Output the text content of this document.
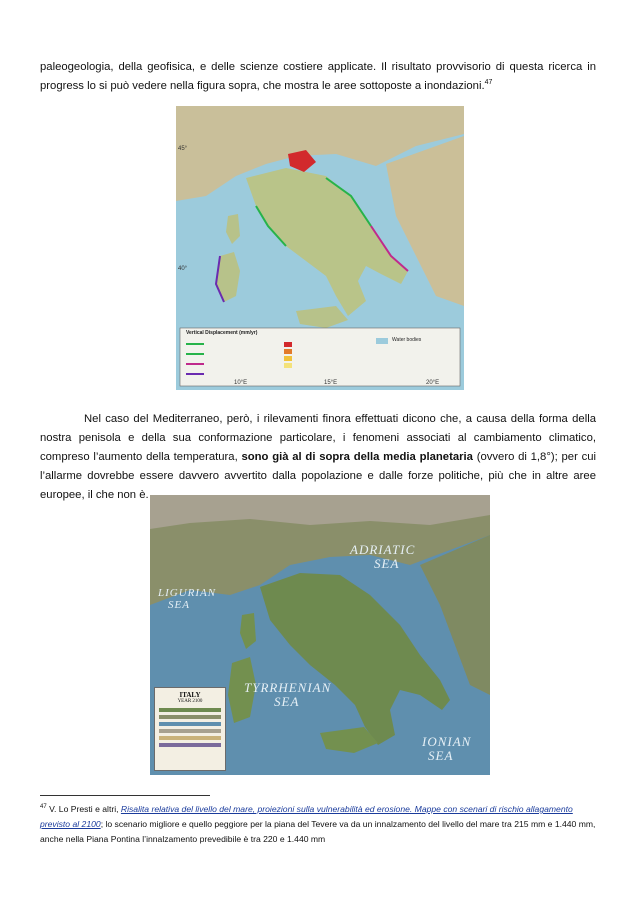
paleogeologia, della geofisica, e delle scienze costiere applicate. Il risultato provvisorio di questa ricerca in progress lo si può vedere nella figura sopra, che mostra le aree sottoposte a inondazioni.$^{47}$

Vertical Displacement (mm/yr)
Water bodies
45°
40°
10°E	15°E	20°E

Nel caso del Mediterraneo, però, i rilevamenti finora effettuati dicono che, a causa della forma della nostra penisola e della sua conformazione particolare, i fenomeni associati al cambiamento climatico, compreso l’aumento della temperatura, sono già al di sopra della media planetaria (ovvero di 1,8°); per cui l’allarme dovrebbe essere davvero avvertito dalla popolazione e dalle forze politiche, più che in altre aree europee, il che non è.

ADRIATIC
SEA
LIGURIAN
SEA
TYRRHENIAN
SEA
IONIAN
SEA
ITALY
YEAR 2100

$^{47}$ V. Lo Presti e altri, Risalita relativa del livello del mare, proiezioni sulla vulnerabilità ed erosione. Mappe con scenari di rischio allagamento previsto al 2100; lo scenario migliore e quello peggiore per la piana del Tevere va da un innalzamento del livello del mare tra 215 mm e 1.440 mm, anche nella Piana Pontina l’innalzamento prevedibile è tra 220 e 1.440 mm
